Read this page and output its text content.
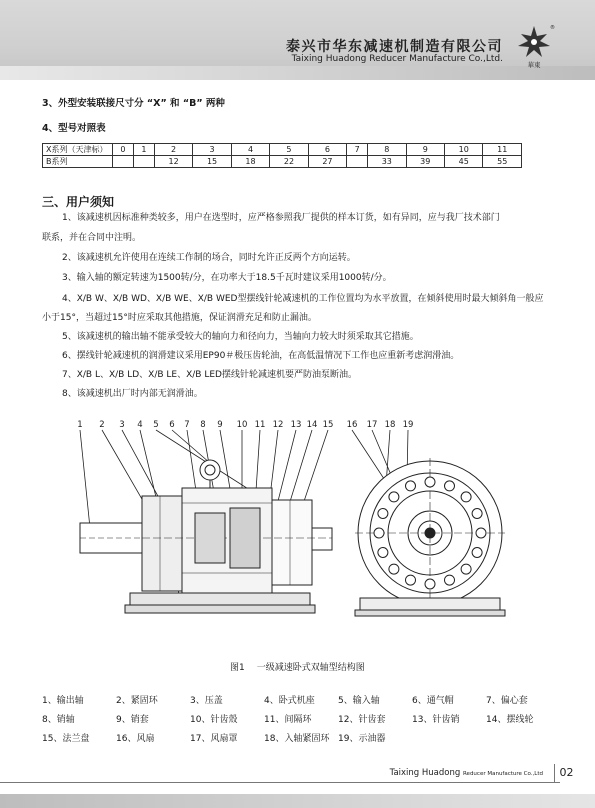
泰兴市华东减速机制造有限公司
Taixing Huadong Reducer Manufacture Co.,Ltd.
華東
®
3、外型安装联接尺寸分 “X” 和 “B” 两种
4、型号对照表
X系列（天津标）	0	1	2	3	4	5	6	7	8	9	10	11
B系列			12	15	18	22	27		33	39	45	55
三、用户须知
1、该减速机因标准种类较多，用户在选型时，应严格参照我厂提供的样本订货，如有异同，应与我厂技术部门
联系，并在合同中注明。
2、该减速机允许使用在连续工作制的场合，同时允许正反两个方向运转。
3、输入轴的额定转速为1500转/分，在功率大于18.5千瓦时建议采用1000转/分。
4、X/B W、X/B WD、X/B WE、X/B WED型摆线针轮减速机的工作位置均为水平放置，在倾斜使用时最大倾斜角一般应
小于15°，当超过15°时应采取其他措施，保证润滑充足和防止漏油。
5、该减速机的输出轴不能承受较大的轴向力和径向力，当轴向力较大时须采取其它措施。
6、摆线针轮减速机的润滑建议采用EP90＃极压齿轮油，在高低温情况下工作也应重新考虑润滑油。
7、X/B L、X/B LD、X/B LE、X/B LED摆线针轮减速机要严防油泵断油。
8、该减速机出厂时内部无润滑油。
1 2 3 4 5 6 7 8 9 10 11 12 13 14 15 16 17 18 19
图1 一级减速卧式双轴型结构图
1、输出轴	2、紧固环	3、压盖	4、卧式机座	5、输入轴	6、通气帽	7、偏心套
8、销轴	9、销套	10、针齿殼	11、间隔环	12、针齿套	13、针齿销	14、摆线轮
15、法兰盘	16、风扇	17、风扇罩	18、入轴紧固环 19、示油器
Taixing Huadong Reducer Manufacture Co.,Ltd	02
